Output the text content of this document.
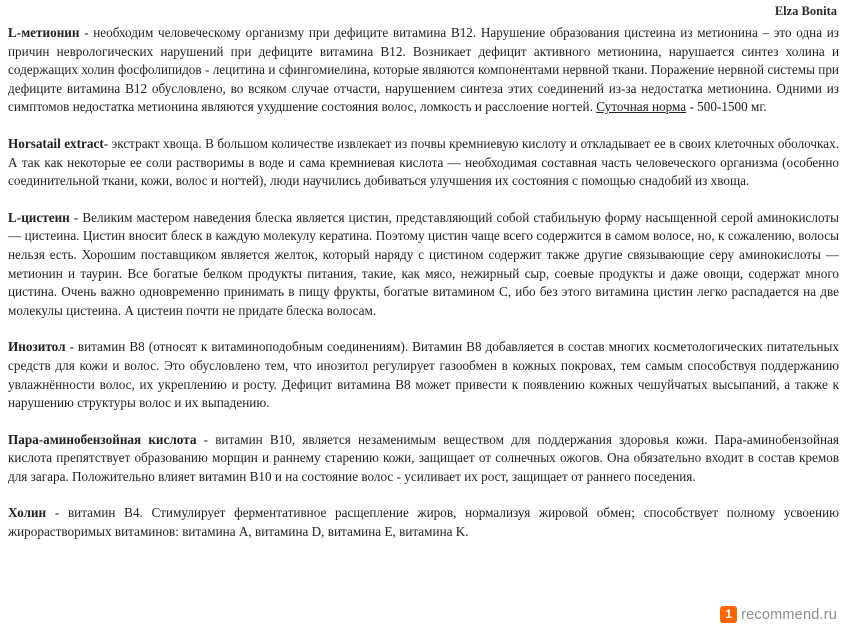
Elza Bonita

L-метионин - необходим человеческому организму при дефиците витамина B12. Нарушение образования цистеина из метионина – это одна из причин неврологических нарушений при дефиците витамина B12. Возникает дефицит активного метионина, нарушается синтез холина и содержащих холин фосфолипидов - лецитина и сфингомиелина, которые являются компонентами нервной ткани. Поражение нервной системы при дефиците витамина B12 обусловлено, во всяком случае отчасти, нарушением синтеза этих соединений из-за недостатка метионина. Одними из симптомов недостатка метионина являются ухудшение состояния волос, ломкость и расслоение ногтей. Суточная норма - 500-1500 мг.

Horsatail extract- экстракт хвоща. В большом количестве извлекает из почвы кремниевую кислоту и откладывает ее в своих клеточных оболочках. А так как некоторые ее соли растворимы в воде и сама кремниевая кислота — необходимая составная часть человеческого организма (особенно соединительной ткани, кожи, волос и ногтей), люди научились добиваться улучшения их состояния с помощью снадобий из хвоща.

L-цистеин - Великим мастером наведения блеска является цистин, представляющий собой стабильную форму насыщенной серой аминокислоты — цистеина. Цистин вносит блеск в каждую молекулу кератина. Поэтому цистин чаще всего содержится в самом волосе, но, к сожалению, волосы нельзя есть. Хорошим поставщиком является желток, который наряду с цистином содержит также другие связывающие серу аминокислоты — метионин и таурин. Все богатые белком продукты питания, такие, как мясо, нежирный сыр, соевые продукты и даже овощи, содержат много цистина. Очень важно одновременно принимать в пищу фрукты, богатые витамином С, ибо без этого витамина цистин легко распадается на две молекулы цистеина. А цистеин почти не придате блеска волосам.

Инозитол - витамин B8 (относят к витаминоподобным соединениям). Витамин B8 добавляется в состав многих косметологических питательных средств для кожи и волос. Это обусловлено тем, что инозитол регулирует газообмен в кожных покровах, тем самым способствуя поддержанию увлажнённости волос, их укреплению и росту. Дефицит витамина B8 может привести к появлению кожных чешуйчатых высыпаний, а также к нарушению структуры волос и их выпадению.

Пара-аминобензойная кислота - витамин B10, является незаменимым веществом для поддержания здоровья кожи. Пара-аминобензойная кислота препятствует образованию морщин и раннему старению кожи, защищает от солнечных ожогов. Она обязательно входит в состав кремов для загара. Положительно влияет витамин B10 и на состояние волос - усиливает их рост, защищает от раннего поседения.

Холин - витамин B4. Стимулирует ферментативное расщепление жиров, нормализуя жировой обмен; способствует полному усвоению жирорастворимых витаминов: витамина A, витамина D, витамина E, витамина K.

1 recommend.ru
